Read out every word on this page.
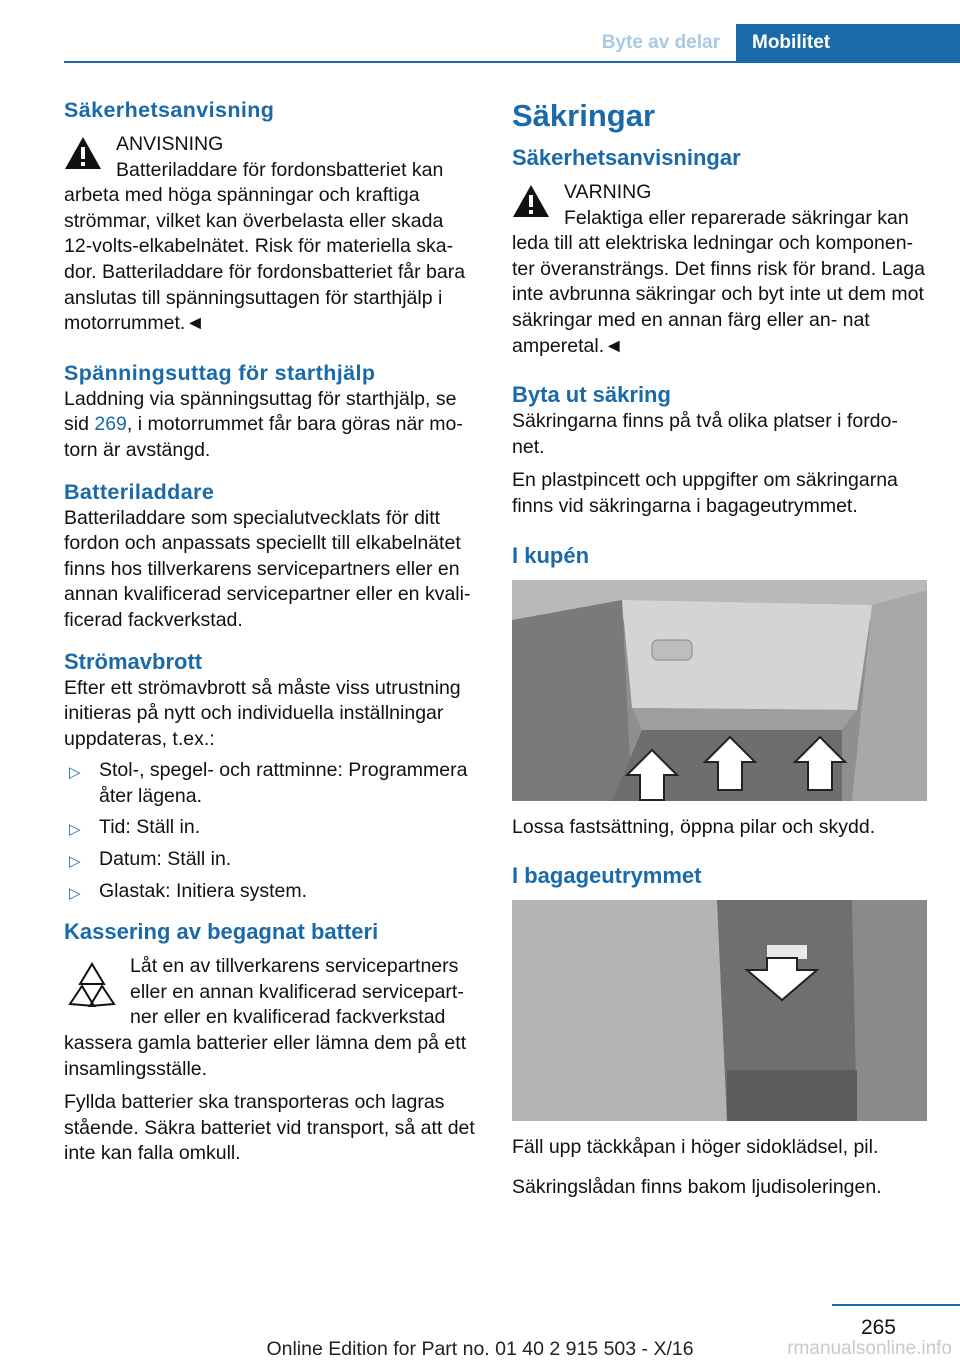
Byte av delar	Mobilitet
Säkerhetsanvisning

ANVISNING

Batteriladdare för fordonsbatteriet kan

arbeta med höga spänningar och kraftiga strömmar, vilket kan överbelasta eller skada 12‑volts‑elkabelnätet. Risk för materiella ska‑ dor. Batteriladdare för fordonsbatteriet får bara anslutas till spänningsuttagen för starthjälp i motorrummet.◄

Spänningsuttag för starthjälp

Laddning via spänningsuttag för starthjälp, se sid 269, i motorrummet får bara göras när mo‑ torn är avstängd.

Batteriladdare

Batteriladdare som specialutvecklats för ditt fordon och anpassats speciellt till elkabelnätet finns hos tillverkarens servicepartners eller en annan kvalificerad servicepartner eller en kvali‑ ficerad fackverkstad.

Strömavbrott

Efter ett strömavbrott så måste viss utrustning initieras på nytt och individuella inställningar uppdateras, t.ex.:

▷ Stol-, spegel- och rattminne: Programmera åter lägena.
▷ Tid: Ställ in.
▷ Datum: Ställ in.
▷ Glastak: Initiera system.
Kassering av begagnat batteri

Låt en av tillverkarens servicepartners eller en annan kvalificerad servicepart‑ ner eller en kvalificerad fackverkstad kassera gamla batterier eller lämna dem på ett insamlingsställe.

Fyllda batterier ska transporteras och lagras stående. Säkra batteriet vid transport, så att det inte kan falla omkull.

Säkringar
Säkerhetsanvisningar

VARNING

Felaktiga eller reparerade säkringar kan

leda till att elektriska ledningar och komponen‑ ter överansträngs. Det finns risk för brand. Laga inte avbrunna säkringar och byt inte ut dem mot säkringar med en annan färg eller an‑ nat amperetal.◄

Byta ut säkring

Säkringarna finns på två olika platser i fordo‑ net.

En plastpincett och uppgifter om säkringarna finns vid säkringarna i bagageutrymmet.

I kupén

Lossa fastsättning, öppna pilar och skydd.

I bagageutrymmet

Fäll upp täckkåpan i höger sidoklädsel, pil.

Säkringslådan finns bakom ljudisoleringen.

265
Online Edition for Part no. 01 40 2 915 503 - X/16	rmanualsonline.info
